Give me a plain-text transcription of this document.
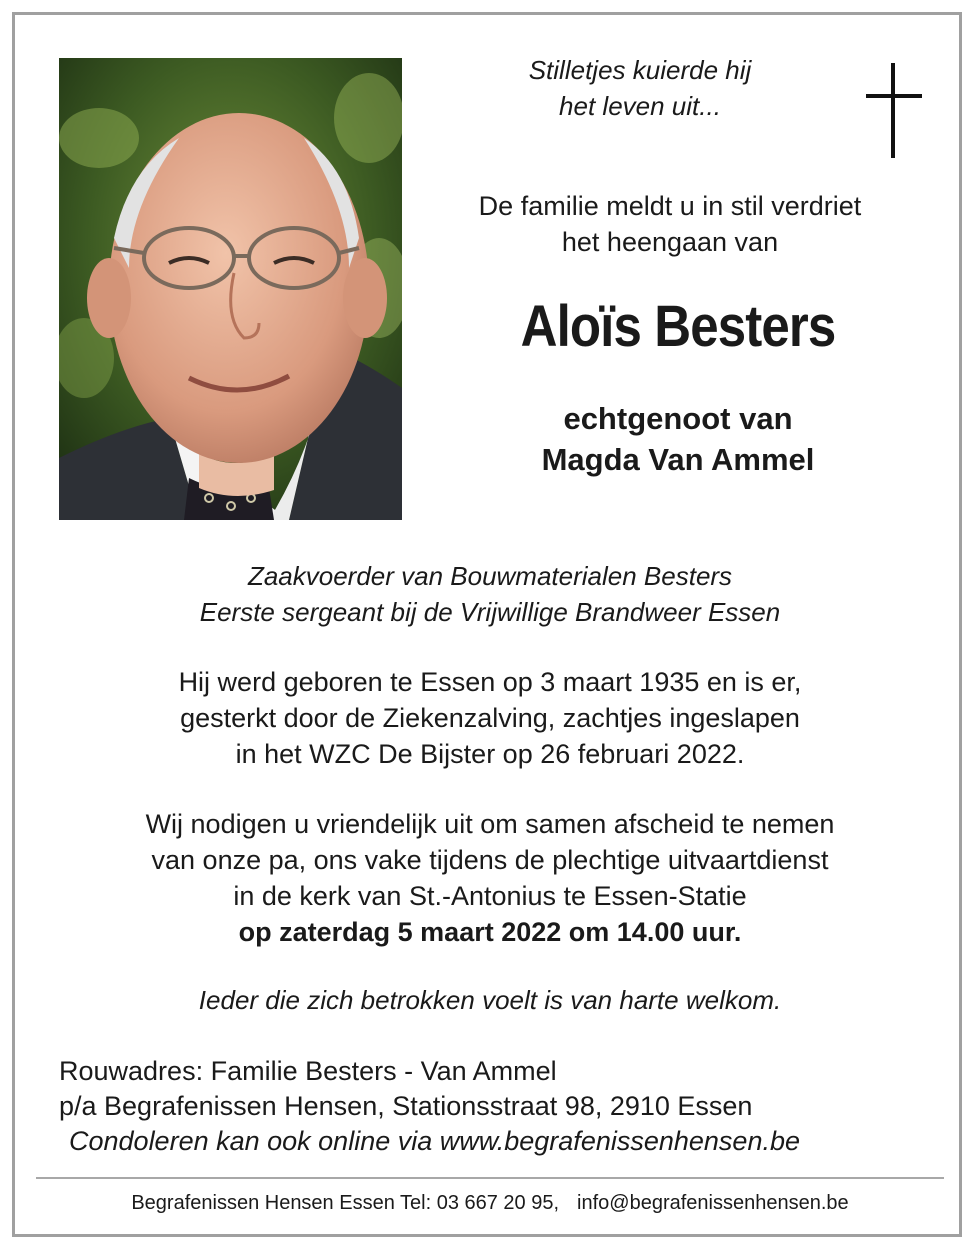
Stilletjes kuierde hij
het leven uit...

De familie meldt u in stil verdriet
het heengaan van

Aloïs Besters

echtgenoot van
Magda Van Ammel

Zaakvoerder van Bouwmaterialen Besters
Eerste sergeant bij de Vrijwillige Brandweer Essen

Hij werd geboren te Essen op 3 maart 1935 en is er,
gesterkt door de Ziekenzalving, zachtjes ingeslapen
in het WZC De Bijster op 26 februari 2022.

Wij nodigen u vriendelijk uit om samen afscheid te nemen
van onze pa, ons vake tijdens de plechtige uitvaartdienst
in de kerk van St.-Antonius te Essen-Statie
op zaterdag 5 maart 2022 om 14.00 uur.

Ieder die zich betrokken voelt is van harte welkom.

Rouwadres: Familie Besters - Van Ammel
p/a Begrafenissen Hensen, Stationsstraat 98, 2910 Essen
Condoleren kan ook online via www.begrafenissenhensen.be

Begrafenissen Hensen Essen Tel: 03 667 20 95, info@begrafenissenhensen.be
